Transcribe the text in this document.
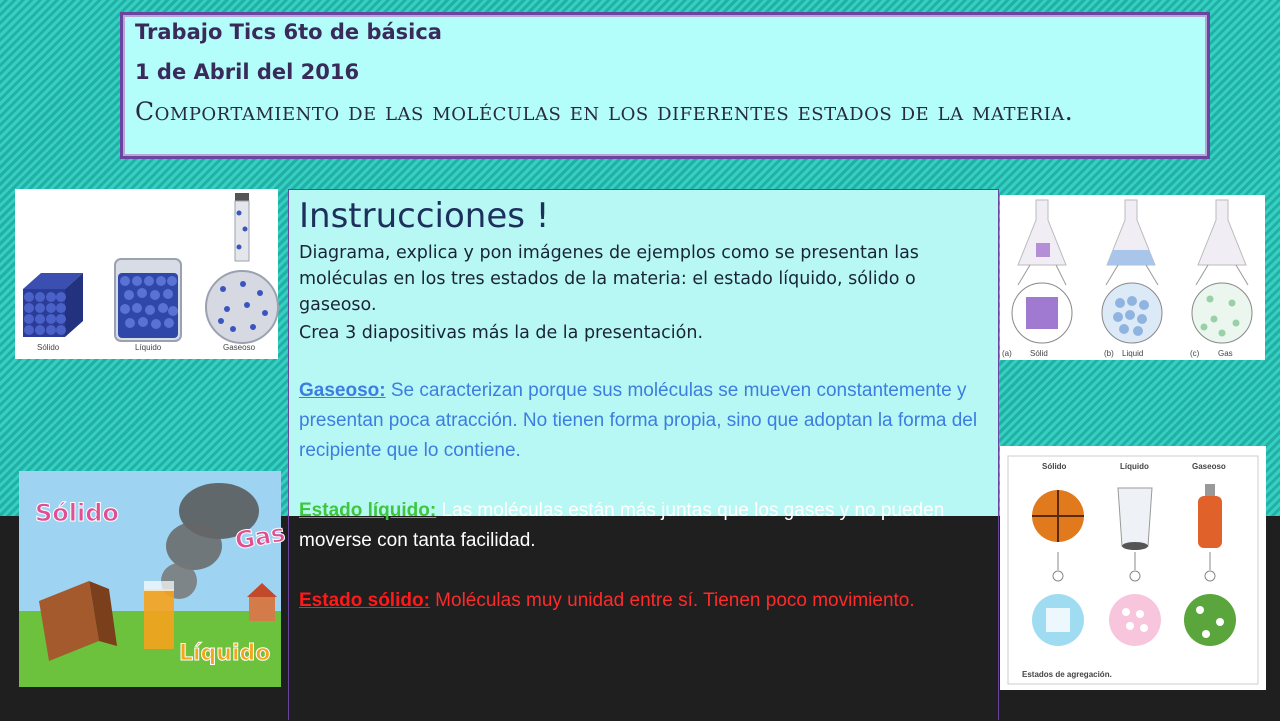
Trabajo Tics 6to de básica
1 de Abril del 2016
Comportamiento de las moléculas en los diferentes estados de la materia.
Sólido	Líquido	Gaseoso
Sólido
Gas
Líquido
(a) Sólid	(b) Liquid	(c) Gas
Sólido	Líquido	Gaseoso
Estados de agregación.
Instrucciones !
Diagrama, explica y pon imágenes de ejemplos como se presentan las moléculas en los tres estados de la materia: el estado líquido, sólido o gaseoso.
Crea 3 diapositivas más la de la presentación.
Gaseoso: Se caracterizan porque sus moléculas se mueven constantemente y presentan poca atracción. No tienen forma propia, sino que adoptan la forma del recipiente que lo contiene.
Estado líquido: Las moléculas están más juntas que los gases y no pueden moverse con tanta facilidad.
Estado sólido: Moléculas muy unidad entre sí. Tienen poco movimiento.
